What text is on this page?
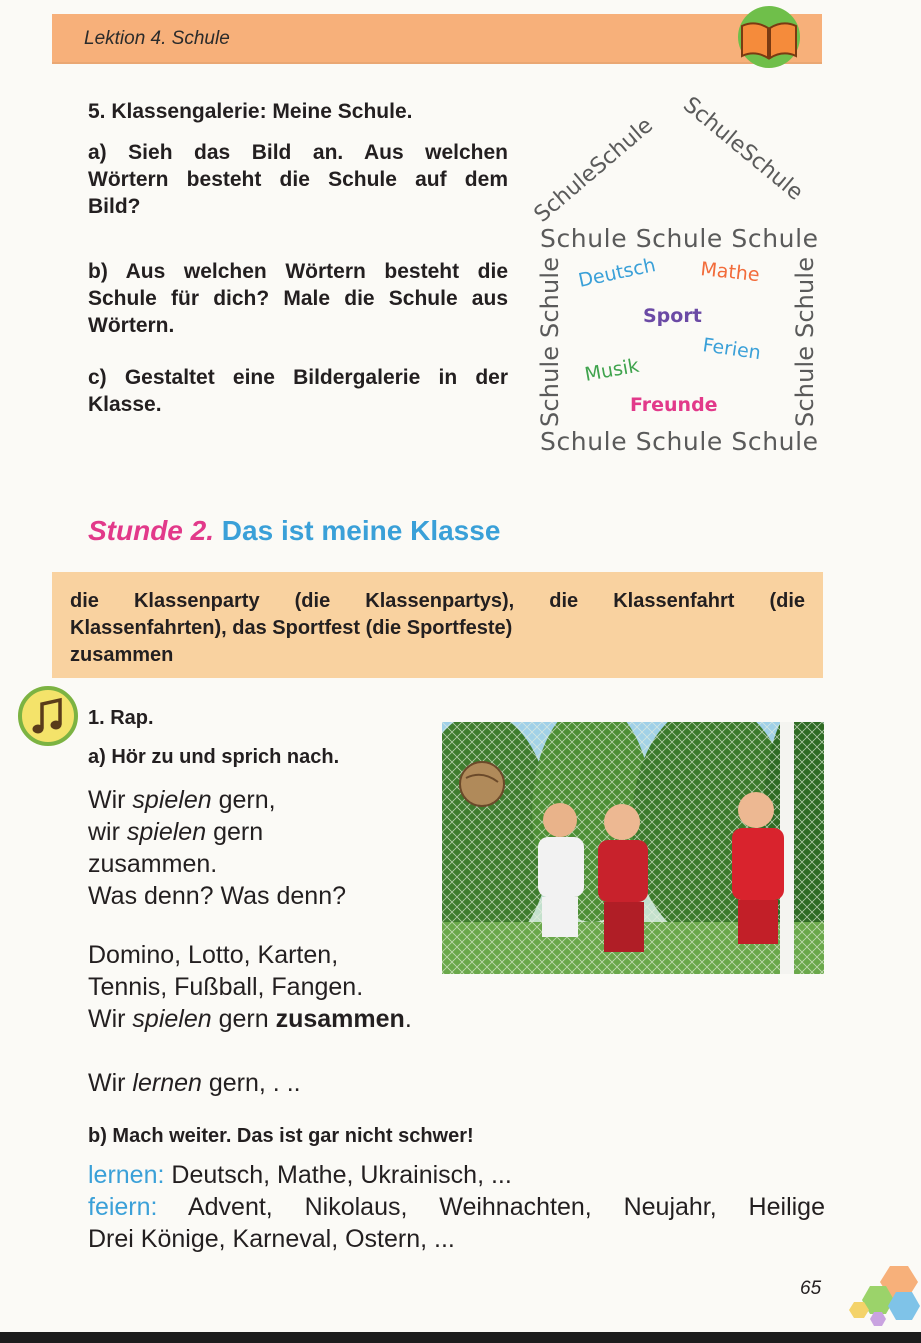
Lektion 4. Schule
5. Klassengalerie: Meine Schule.
a) Sieh das Bild an. Aus welchen
Wörtern besteht die Schule auf dem
Bild?
b) Aus welchen Wörtern besteht die
Schule für dich? Male die Schule aus
Wörtern.
c) Gestaltet eine Bildergalerie in der
Klasse.
SchuleSchule
SchuleSchule
Schule Schule Schule
Schule Schule Schule
Schule Schule
Schule Schule
Deutsch Mathe
Sport
Ferien
Musik
Freunde
Stunde 2. Das ist meine Klasse
die Klassenparty (die Klassenpartys), die Klassenfahrt (die
Klassenfahrten), das Sportfest (die Sportfeste)
zusammen
1. Rap.
a) Hör zu und sprich nach.
Wir spielen gern,
wir spielen gern
zusammen.
Was denn? Was denn?
Domino, Lotto, Karten,
Tennis, Fußball, Fangen.
Wir spielen gern zusammen.
Wir lernen gern, . ..
b) Mach weiter. Das ist gar nicht schwer!
lernen: Deutsch, Mathe, Ukrainisch, ...
feiern: Advent, Nikolaus, Weihnachten, Neujahr, Heilige
Drei Könige, Karneval, Ostern, ...
65
